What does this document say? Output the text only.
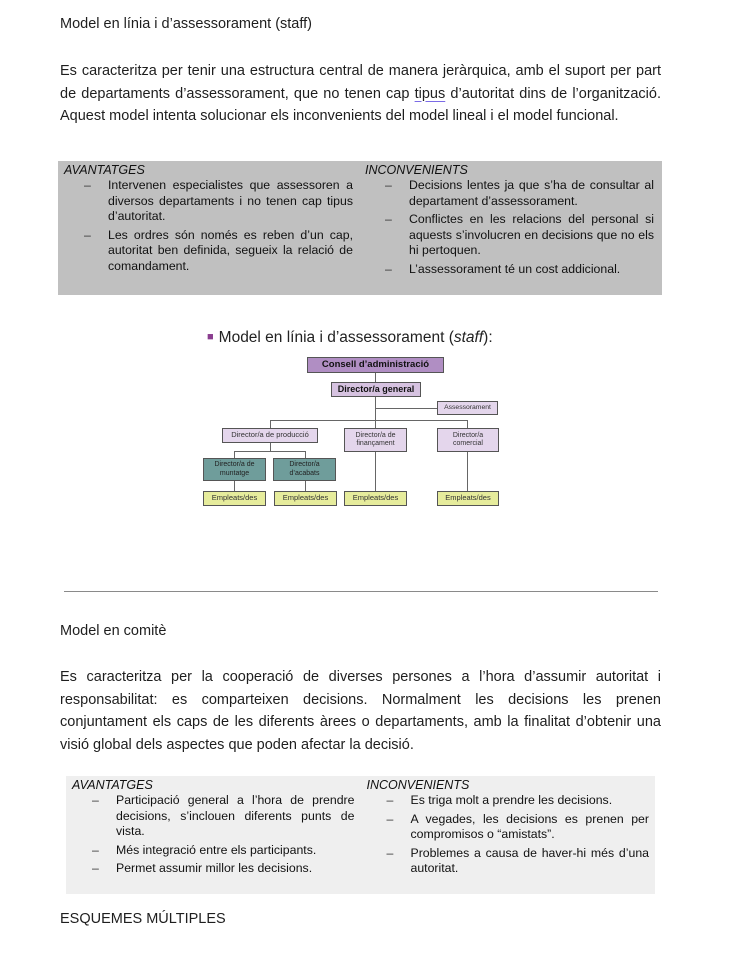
Model en línia i d’assessorament (staff)
Es caracteritza per tenir una estructura central de manera jeràrquica, amb el suport per part de departaments d’assessorament, que no tenen cap tipus d’autoritat dins de l’organització. Aquest model intenta solucionar els inconvenients del model lineal i el model funcional.
AVANTATGES
– Intervenen especialistes que assessoren a diversos departaments i no tenen cap tipus d’autoritat.
– Les ordres són només es reben d’un cap, autoritat ben definida, segueix la relació de comandament.
INCONVENIENTS
– Decisions lentes ja que s’ha de consultar al departament d’assessorament.
– Conflictes en les relacions del personal si aquests s’involucren en decisions que no els hi pertoquen.
– L’assessorament té un cost addicional.
■ Model en línia i d’assessorament (staff):
Consell d’administració
Director/a general
Assessorament
Director/a de producció	Director/a de finançament
Director/a comercial
Director/a de muntatge
Director/a d’acabats
Empleats/des	Empleats/des	Empleats/des	Empleats/des
Model en comitè
Es caracteritza per la cooperació de diverses persones a l’hora d’assumir autoritat i responsabilitat: es comparteixen decisions. Normalment les decisions les prenen conjuntament els caps de les diferents àrees o departaments, amb la finalitat d’obtenir una visió global dels aspectes que poden afectar la decisió.
AVANTATGES
– Participació general a l’hora de prendre decisions, s’inclouen diferents punts de vista.
– Més integració entre els participants.
– Permet assumir millor les decisions.
INCONVENIENTS
– Es triga molt a prendre les decisions.
– A vegades, les decisions es prenen per compromisos o “amistats”.
– Problemes a causa de haver-hi més d’una autoritat.
ESQUEMES MÚLTIPLES
